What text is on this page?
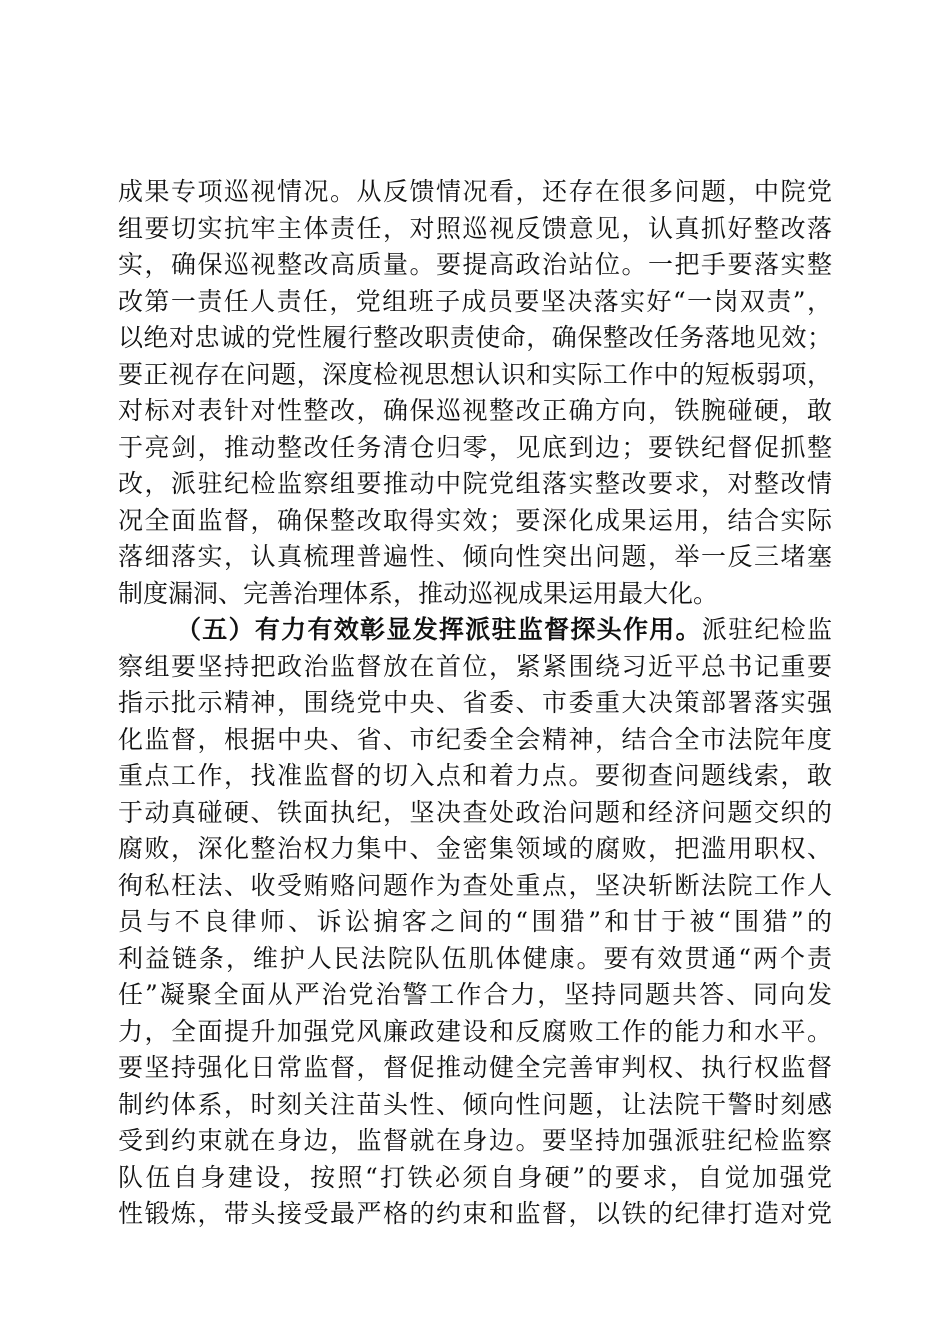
成果专项巡视情况。从反馈情况看，还存在很多问题，中院党
组要切实抗牢主体责任，对照巡视反馈意见，认真抓好整改落
实，确保巡视整改高质量。要提高政治站位。一把手要落实整
改第一责任人责任，党组班子成员要坚决落实好“一岗双责”，
以绝对忠诚的党性履行整改职责使命，确保整改任务落地见效；
要正视存在问题，深度检视思想认识和实际工作中的短板弱项，
对标对表针对性整改，确保巡视整改正确方向，铁腕碰硬，敢
于亮剑，推动整改任务清仓归零，见底到边；要铁纪督促抓整
改，派驻纪检监察组要推动中院党组落实整改要求，对整改情
况全面监督，确保整改取得实效；要深化成果运用，结合实际
落细落实，认真梳理普遍性、倾向性突出问题，举一反三堵塞
制度漏洞、完善治理体系，推动巡视成果运用最大化。
（五）有力有效彰显发挥派驻监督探头作用。派驻纪检监
察组要坚持把政治监督放在首位，紧紧围绕习近平总书记重要
指示批示精神，围绕党中央、省委、市委重大决策部署落实强
化监督，根据中央、省、市纪委全会精神，结合全市法院年度
重点工作，找准监督的切入点和着力点。要彻查问题线索，敢
于动真碰硬、铁面执纪，坚决查处政治问题和经济问题交织的
腐败，深化整治权力集中、金密集领域的腐败，把滥用职权、
徇私枉法、收受贿赂问题作为查处重点，坚决斩断法院工作人
员与不良律师、诉讼掮客之间的“围猎”和甘于被“围猎”的
利益链条，维护人民法院队伍肌体健康。要有效贯通“两个责
任”凝聚全面从严治党治警工作合力，坚持同题共答、同向发
力，全面提升加强党风廉政建设和反腐败工作的能力和水平。
要坚持强化日常监督，督促推动健全完善审判权、执行权监督
制约体系，时刻关注苗头性、倾向性问题，让法院干警时刻感
受到约束就在身边，监督就在身边。要坚持加强派驻纪检监察
队伍自身建设，按照“打铁必须自身硬”的要求，自觉加强党
性锻炼，带头接受最严格的约束和监督，以铁的纪律打造对党
